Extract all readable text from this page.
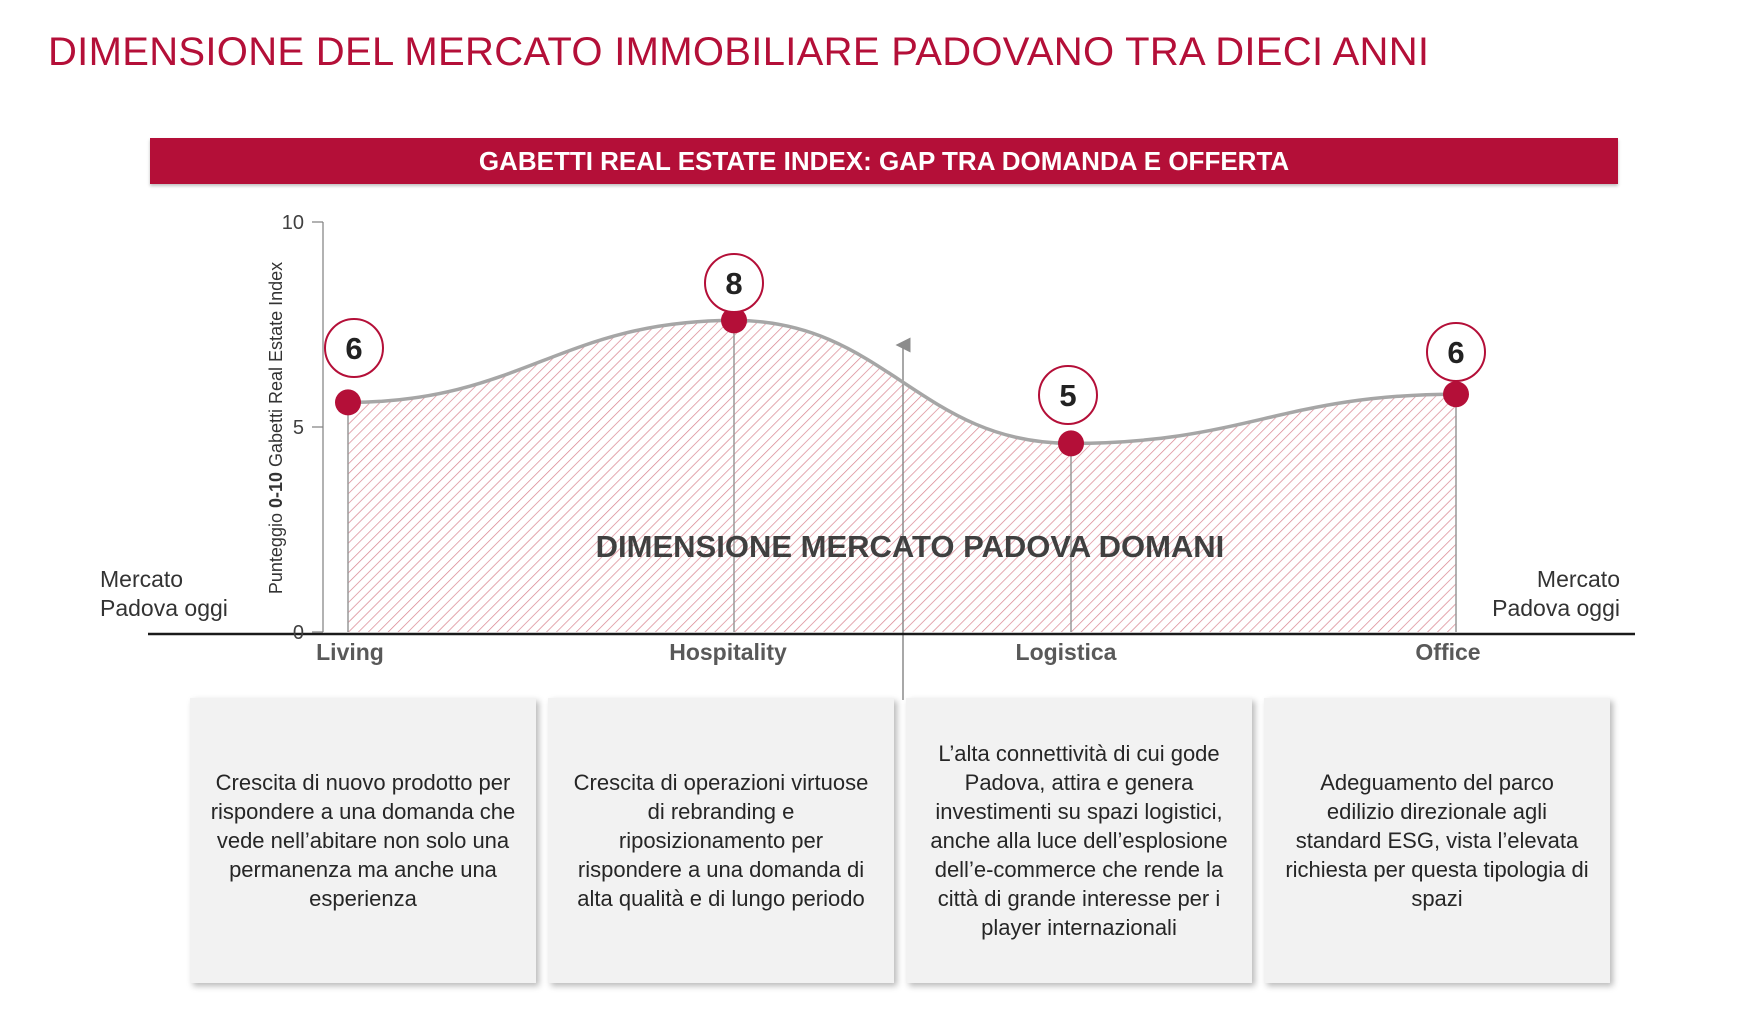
DIMENSIONE DEL MERCATO IMMOBILIARE PADOVANO TRA DIECI ANNI
GABETTI REAL ESTATE INDEX: GAP TRA DOMANDA E OFFERTA
0
5
10
Punteggio 0-10 Gabetti Real Estate Index
DIMENSIONE MERCATO PADOVA DOMANI
6
8
5
6
Living	Hospitality	Logistica	Office
Mercato
Padova oggi
Mercato
Padova oggi
Crescita di nuovo prodotto per rispondere a una domanda che vede nell’abitare non solo una permanenza ma anche una esperienza
Crescita di operazioni virtuose di rebranding e riposizionamento per rispondere a una domanda di alta qualità e di lungo periodo
L’alta connettività di cui gode Padova, attira e genera investimenti su spazi logistici, anche alla luce dell’esplosione dell’e-commerce che rende la città di grande interesse per i player internazionali
Adeguamento del parco edilizio direzionale agli standard ESG, vista l’elevata richiesta per questa tipologia di spazi
